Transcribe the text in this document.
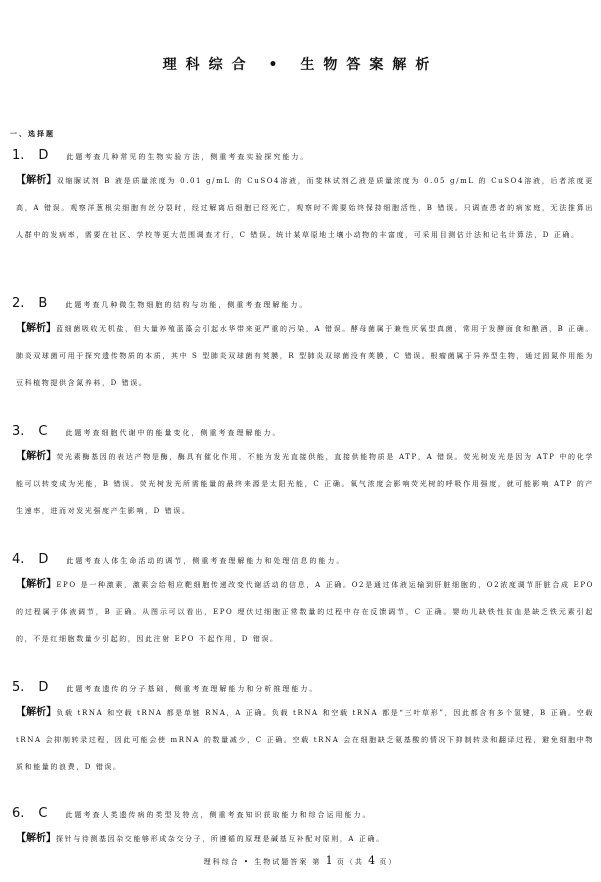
理科综合 • 生物答案解析
一、选择题
1. D	此题考查几种常见的生物实验方法，侧重考查实验探究能力。
【解析】双缩脲试剂 B 液是质量浓度为 0.01 g/mL 的 CuSO4溶液，而斐林试剂乙液是质量浓度为 0.05 g/mL 的 CuSO4溶液，后者浓度更高，A 错误。观察洋葱根尖细胞有丝分裂时，经过解离后细胞已经死亡，观察时不需要始终保持细胞活性，B 错误。只调查患者的病家庭，无法推算出人群中的发病率，需要在社区、学校等更大范围调查才行，C 错误。统计某草原地土壤小动物的丰富度，可采用目测估计法和记名计算法，D 正确。
2. B	此题考查几种微生物细胞的结构与功能，侧重考查理解能力。
【解析】蓝细菌吸收无机盐，但大量养殖蓝藻会引起水华带来更严重的污染，A 错误。酵母菌属于兼性厌氧型真菌，常用于发酵面食和酿酒，B 正确。肺炎双球菌可用于探究遗传物质的本质，其中 S 型肺炎双球菌有荚膜，R 型肺炎双球菌没有荚膜，C 错误。根瘤菌属于异养型生物，通过固氮作用能为豆科植物提供含氮养料，D 错误。
3. C	此题考查细胞代谢中的能量变化，侧重考查理解能力。
【解析】荧光素酶基因的表达产物是酶，酶具有催化作用，不能为发光直接供能，直接供能物质是 ATP，A 错误。荧光树发光是因为 ATP 中的化学能可以转变成为光能，B 错误。荧光树发光所需能量的最终来源是太阳光能，C 正确。氧气浓度会影响荧光树的呼吸作用强度，就可能影响 ATP 的产生速率，进而对发光强度产生影响，D 错误。
4. D	此题考查人体生命活动的调节，侧重考查理解能力和处理信息的能力。
【解析】EPO 是一种激素，激素会给相应靶细胞传递改变代谢活动的信息，A 正确。O2是通过体液运输到肝脏细胞的，O2浓度调节肝脏合成 EPO 的过程属于体液调节，B 正确。从图示可以看出，EPO 埋伏过细胞正常数量的过程中存在反馈调节，C 正确。婴幼儿缺铁性贫血是缺乏铁元素引起的，不是红细胞数量少引起的，因此注射 EPO 不起作用，D 错误。
5. D	此题考查遗传的分子基础，侧重考查理解能力和分析推理能力。
【解析】负载 tRNA 和空载 tRNA 都是单链 RNA，A 正确。负载 tRNA 和空载 tRNA 都是“三叶草形”，因此都含有多个氢键，B 正确。空载 tRNA 会抑制转录过程，因此可能会使 mRNA 的数量减少，C 正确。空载 tRNA 会在细胞缺乏氨基酸的情况下抑制转录和翻译过程，避免细胞中物质和能量的浪费，D 错误。
6. C	此题考查人类遗传病的类型及特点，侧重考查知识获取能力和综合运用能力。
【解析】探针与待测基因杂交能够形成杂交分子，所遵循的原理是碱基互补配对原则，A 正确。
理科综合 • 生物试题答案 第 1 页（共 4 页）
